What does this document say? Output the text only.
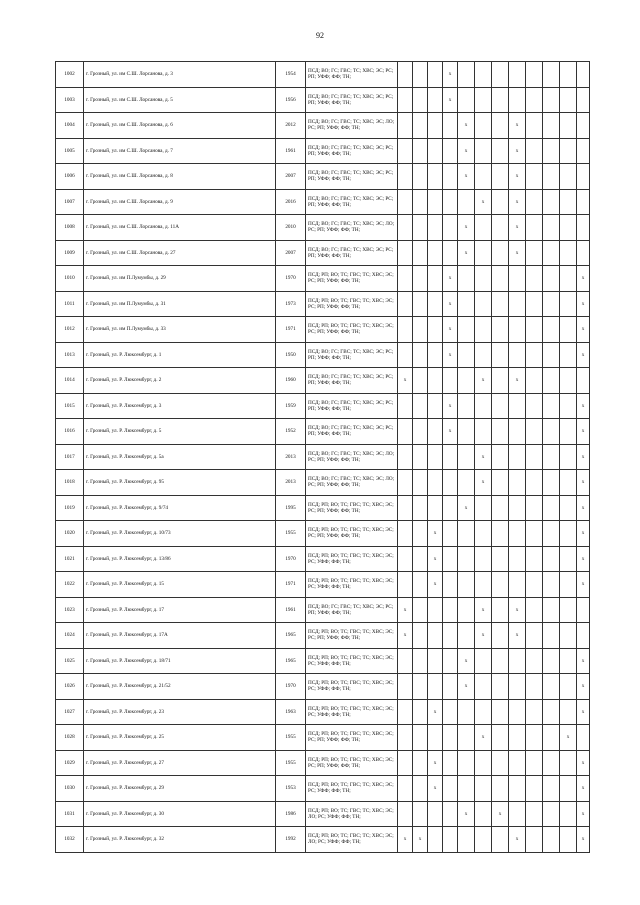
92
1002	г. Грозный, ул. им С.Ш. Лорсанова, д. 3	1954	ПСД; ВО; ГС; ГВС; ТС; ХВС; ЭС; РС; РП; УФФ; ФФ; ТН;				x								
1003	г. Грозный, ул. им С.Ш. Лорсанова, д. 5	1956	ПСД; ВО; ГС; ГВС; ТС; ХВС; ЭС; РС; РП; УФФ; ФФ; ТН;				x								
1004	г. Грозный, ул. им С.Ш. Лорсанова, д. 6	2012	ПСД; ВО; ГС; ГВС; ТС; ХВС; ЭС; ЛО; РС; РП; УФФ; ФФ; ТН;					x			x				
1005	г. Грозный, ул. им С.Ш. Лорсанова, д. 7	1961	ПСД; ВО; ГС; ГВС; ТС; ХВС; ЭС; РС; РП; УФФ; ФФ; ТН;					x			x				
1006	г. Грозный, ул. им С.Ш. Лорсанова, д. 8	2007	ПСД; ВО; ГС; ГВС; ТС; ХВС; ЭС; РС; РП; УФФ; ФФ; ТН;					x			x				
1007	г. Грозный, ул. им С.Ш. Лорсанова, д. 9	2016	ПСД; ВО; ГС; ГВС; ТС; ХВС; ЭС; РС; РП; УФФ; ФФ; ТН;						x		x				
1008	г. Грозный, ул. им С.Ш. Лорсанова, д. 11А	2010	ПСД; ВО; ГС; ГВС; ТС; ХВС; ЭС; ЛО; РС; РП; УФФ; ФФ; ТН;					x			x				
1009	г. Грозный, ул. им С.Ш. Лорсанова, д. 27	2007	ПСД; ВО; ГС; ГВС; ТС; ХВС; ЭС; РС; РП; УФФ; ФФ; ТН;					x			x				
1010	г. Грозный, ул. им П.Лумумбы, д. 29	1970	ПСД; РП; ВО; ТС; ГВС; ТС; ХВС; ЭС; РС; РП; УФФ; ФФ; ТН;				x								x
1011	г. Грозный, ул. им П.Лумумбы, д. 31	1973	ПСД; РП; ВО; ТС; ГВС; ТС; ХВС; ЭС; РС; РП; УФФ; ФФ; ТН;				x								x
1012	г. Грозный, ул. им П.Лумумбы, д. 33	1971	ПСД; РП; ВО; ТС; ГВС; ТС; ХВС; ЭС; РС; РП; УФФ; ФФ; ТН;				x								x
1013	г. Грозный, ул. Р. Люксембург, д. 1	1950	ПСД; ВО; ГС; ГВС; ТС; ХВС; ЭС; РС; РП; УФФ; ФФ; ТН;				x								x
1014	г. Грозный, ул. Р. Люксембург, д. 2	1960	ПСД; ВО; ГС; ГВС; ТС; ХВС; ЭС; РС; РП; УФФ; ФФ; ТН;	x					x		x				
1015	г. Грозный, ул. Р. Люксембург, д. 3	1959	ПСД; ВО; ГС; ГВС; ТС; ХВС; ЭС; РС; РП; УФФ; ФФ; ТН;				x								x
1016	г. Грозный, ул. Р. Люксембург, д. 5	1952	ПСД; ВО; ГС; ГВС; ТС; ХВС; ЭС; РС; РП; УФФ; ФФ; ТН;				x								x
1017	г. Грозный, ул. Р. Люксембург, д. 5а	2013	ПСД; ВО; ГС; ГВС; ТС; ХВС; ЭС; ЛО; РС; РП; УФФ; ФФ; ТН;						x						x
1018	г. Грозный, ул. Р. Люксембург, д. 95	2013	ПСД; ВО; ГС; ГВС; ТС; ХВС; ЭС; ЛО; РС; РП; УФФ; ФФ; ТН;						x						x
1019	г. Грозный, ул. Р. Люксембург, д. 9/74	1995	ПСД; РП; ВО; ТС; ГВС; ТС; ХВС; ЭС; РС; РП; УФФ; ФФ; ТН;					x							x
1020	г. Грозный, ул. Р. Люксембург, д. 10/73	1955	ПСД; РП; ВО; ТС; ГВС; ТС; ХВС; ЭС; РС; РП; УФФ; ФФ; ТН;			x									x
1021	г. Грозный, ул. Р. Люксембург, д. 13/86	1970	ПСД; РП; ВО; ТС; ГВС; ТС; ХВС; ЭС; РС; УФФ; ФФ; ТН;			x									x
1022	г. Грозный, ул. Р. Люксембург, д. 15	1971	ПСД; РП; ВО; ТС; ГВС; ТС; ХВС; ЭС; РС; УФФ; ФФ; ТН;			x									x
1023	г. Грозный, ул. Р. Люксембург, д. 17	1961	ПСД; ВО; ГС; ГВС; ТС; ХВС; ЭС; РС; РП; УФФ; ФФ; ТН;	x					x		x				
1024	г. Грозный, ул. Р. Люксембург, д. 17А	1965	ПСД; РП; ВО; ТС; ГВС; ТС; ХВС; ЭС; РС; РП; УФФ; ФФ; ТН;	x					x		x				
1025	г. Грозный, ул. Р. Люксембург, д. 18/71	1965	ПСД; РП; ВО; ТС; ГВС; ТС; ХВС; ЭС; РС; УФФ; ФФ; ТН;					x							x
1026	г. Грозный, ул. Р. Люксембург, д. 21/52	1970	ПСД; РП; ВО; ТС; ГВС; ТС; ХВС; ЭС; РС; УФФ; ФФ; ТН;					x							x
1027	г. Грозный, ул. Р. Люксембург, д. 23	1963	ПСД; РП; ВО; ТС; ГВС; ТС; ХВС; ЭС; РС; УФФ; ФФ; ТН;			x									x
1028	г. Грозный, ул. Р. Люксембург, д. 25	1955	ПСД; РП; ВО; ТС; ГВС; ТС; ХВС; ЭС; РС; РП; УФФ; ФФ; ТН;						x					x	
1029	г. Грозный, ул. Р. Люксембург, д. 27	1955	ПСД; РП; ВО; ТС; ГВС; ТС; ХВС; ЭС; РС; РП; УФФ; ФФ; ТН;			x									x
1030	г. Грозный, ул. Р. Люксембург, д. 29	1953	ПСД; РП; ВО; ТС; ГВС; ТС; ХВС; ЭС; РС; УФФ; ФФ; ТН;			x									x
1031	г. Грозный, ул. Р. Люксембург, д. 30	1986	ПСД; РП; ВО; ТС; ГВС; ТС; ХВС; ЭС; ЛО; РС; УФФ; ФФ; ТН;					x		x					x
1032	г. Грозный, ул. Р. Люксембург, д. 32	1992	ПСД; РП; ВО; ТС; ГВС; ТС; ХВС; ЭС; ЛО; РС; УФФ; ФФ; ТН;	x	x						x				x
